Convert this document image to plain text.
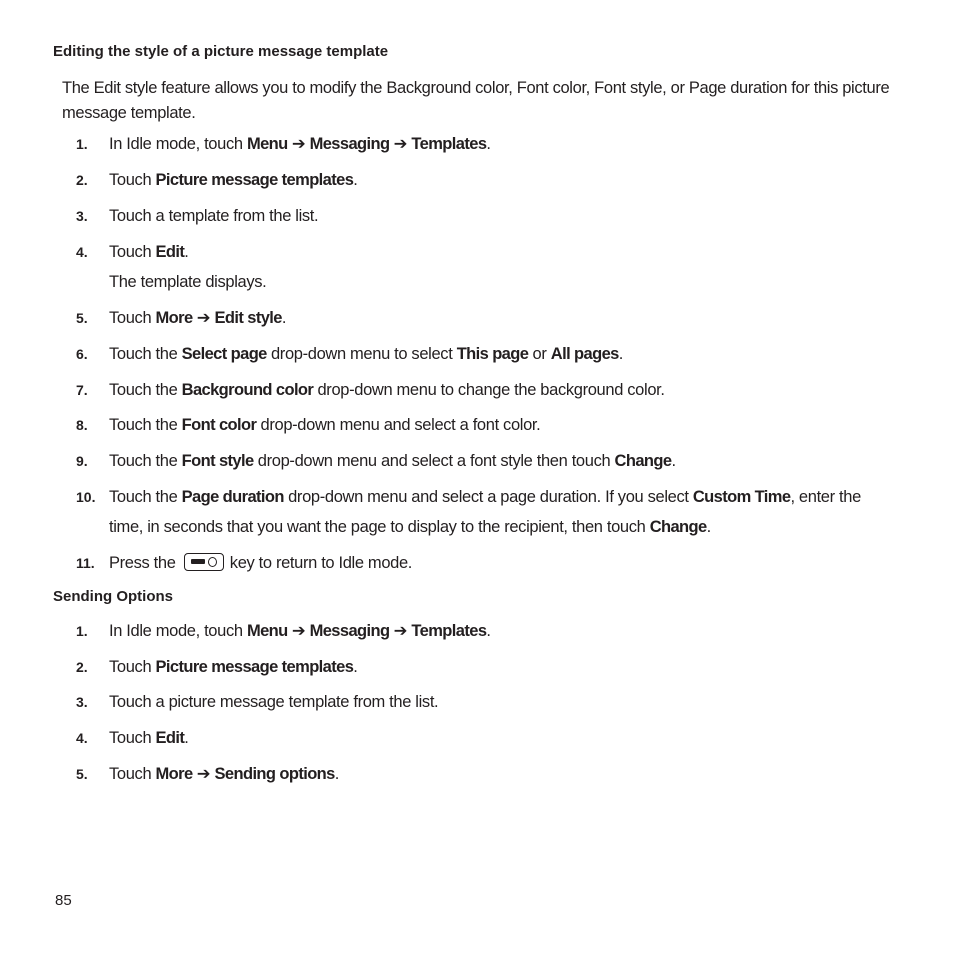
Editing the style of a picture message template
The Edit style feature allows you to modify the Background color, Font color, Font style, or Page duration for this picture message template.
1. In Idle mode, touch Menu ➔ Messaging ➔ Templates.
2. Touch Picture message templates.
3. Touch a template from the list.
4. Touch Edit.
The template displays.
5. Touch More ➔ Edit style.
6. Touch the Select page drop-down menu to select This page or All pages.
7. Touch the Background color drop-down menu to change the background color.
8. Touch the Font color drop-down menu and select a font color.
9. Touch the Font style drop-down menu and select a font style then touch Change.
10. Touch the Page duration drop-down menu and select a page duration. If you select Custom Time, enter the time, in seconds that you want the page to display to the recipient, then touch Change.
11. Press the	key to return to Idle mode.
Sending Options
1. In Idle mode, touch Menu ➔ Messaging ➔ Templates.
2. Touch Picture message templates.
3. Touch a picture message template from the list.
4. Touch Edit.
5. Touch More ➔ Sending options.
85
